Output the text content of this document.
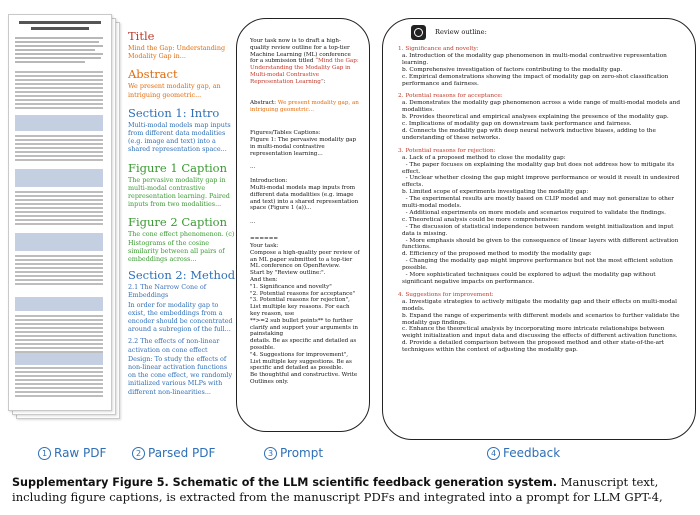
Title

Mind the Gap: Understanding Modality Gap in...

Abstract

We present modality gap, an intriguing geometric...

Section 1: Intro

Multi-modal models map inputs from different data modalities (e.g. image and text) into a shared representation space...

Figure 1 Caption

The pervasive modality gap in multi-modal contrastive representation learning. Paired inputs from two modalities...

Figure 2 Caption

The cone effect phenomenon. (c) Histograms of the cosine similarity between all pairs of embeddings across...

Section 2: Method

2.1 The Narrow Cone of Embeddings

In order for modality gap to exist, the embeddings from a encoder should be concentrated around a subregion of the full...

2.2 The effects of non-linear activation on cone effect

Design: To study the effects of non-linear activation functions on the cone effect, we randomly initialized various MLPs with different non-linearities...

Your task now is to draft a high-quality review outline for a top-tier Machine Learning (ML) conference for a submission titled “Mind the Gap: Understanding the Modality Gap in Multi-modal Contrastive Representation Learning”:

Abstract: We present modality gap, an intriguing geometric...

Figures/Tables Captions:

Figure 1: The pervasive modality gap in multi-modal contrastive representation learning...

...

Introduction:

Multi-modal models map inputs from different data modalities (e.g. image and text) into a shared representation space (Figure 1 (a))...

...

======

Your task:
Compose a high-quality peer review of an ML paper submitted to a top-tier ML conference on OpenReview.
Start by "Review outline:".
And then:
"1. Significance and novelty"
"2. Potential reasons for acceptance"
"3. Potential reasons for rejection", List multiple key reasons. For each key reason, use
**>=2 sub bullet points** to further clarify and support your arguments in painstaking
details. Be as specific and detailed as possible.
"4. Suggestions for improvement", List multiple key suggestions. Be as specific and detailed as possible.
Be thoughtful and constructive. Write Outlines only.

Review outline:

1. Significance and novelty:

a. Introduction of the modality gap phenomenon in multi-modal contrastive representation learning.

b. Comprehensive investigation of factors contributing to the modality gap.

c. Empirical demonstrations showing the impact of modality gap on zero-shot classification performance and fairness.

2. Potential reasons for acceptance:

a. Demonstrates the modality gap phenomenon across a wide range of multi-modal models and modalities.

b. Provides theoretical and empirical analyses explaining the presence of the modality gap.

c. Implications of modality gap on downstream task performance and fairness.

d. Connects the modality gap with deep neural network inductive biases, adding to the understanding of these networks.

3. Potential reasons for rejection:

a. Lack of a proposed method to close the modality gap:

- The paper focuses on explaining the modality gap but does not address how to mitigate its effect.

- Unclear whether closing the gap might improve performance or would it result in undesired effects.

b. Limited scope of experiments investigating the modality gap:

- The experimental results are mostly based on CLIP model and may not generalize to other multi-modal models.

- Additional experiments on more models and scenarios required to validate the findings.

c. Theoretical analysis could be more comprehensive:

- The discussion of statistical independence between random weight initialization and input data is missing.

- More emphasis should be given to the consequence of linear layers with different activation functions.

d. Efficiency of the proposed method to modify the modality gap:

- Changing the modality gap might improve performance but not the most efficient solution possible.

- More sophisticated techniques could be explored to adjust the modality gap without significant negative impacts on performance.

4. Suggestions for improvement:

a. Investigate strategies to actively mitigate the modality gap and their effects on multi-modal models.

b. Expand the range of experiments with different models and scenarios to further validate the modality gap findings.

c. Enhance the theoretical analysis by incorporating more intricate relationships between weight initialization and input data and discussing the effects of different activation functions.

d. Provide a detailed comparison between the proposed method and other state-of-the-art techniques within the context of adjusting the modality gap.

1 Raw PDF	2 Parsed PDF	3 Prompt	4 Feedback

Supplementary Figure 5. Schematic of the LLM scientific feedback generation system. Manuscript text, including figure captions, is extracted from the manuscript PDFs and integrated into a prompt for LLM GPT-4,
